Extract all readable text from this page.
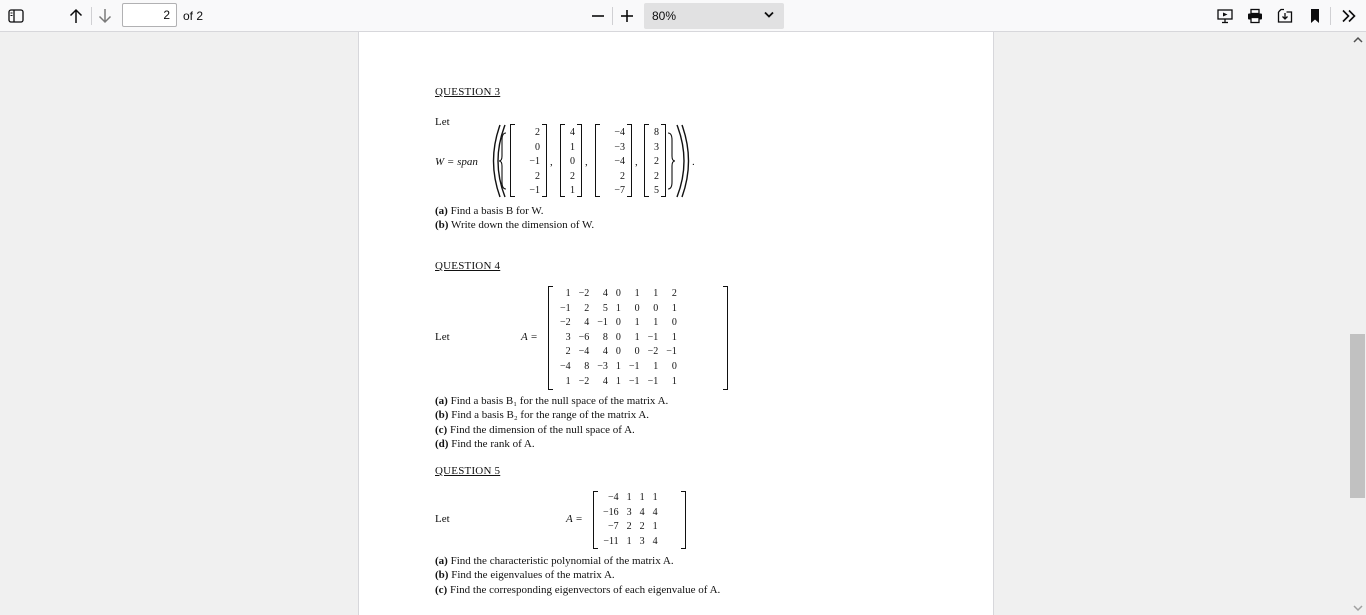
2
of 2	80%
QUESTION 3
Let
W = span
2
0
−1
2
−1
,
4
1
0
2
1
,
−4
−3
−4
2
−7
,
8
3
2
2
5
.
(a) Find a basis B for W.
(b) Write down the dimension of W.
QUESTION 4
Let	A =
1	−2	4	0	1	1	2
−1	2	5	1	0	0	1
−2	4	−1	0	1	1	0
3	−6	8	0	1	−1	1
2	−4	4	0	0	−2	−1
−4	8	−3	1	−1	1	0
1	−2	4	1	−1	−1	1
(a) Find a basis B₁ for the null space of the matrix A.
(b) Find a basis B₂ for the range of the matrix A.
(c) Find the dimension of the null space of A.
(d) Find the rank of A.
QUESTION 5
Let	A =
−4	1	1	1
−16	3	4	4
−7	2	2	1
−11	1	3	4
(a) Find the characteristic polynomial of the matrix A.
(b) Find the eigenvalues of the matrix A.
(c) Find the corresponding eigenvectors of each eigenvalue of A.
